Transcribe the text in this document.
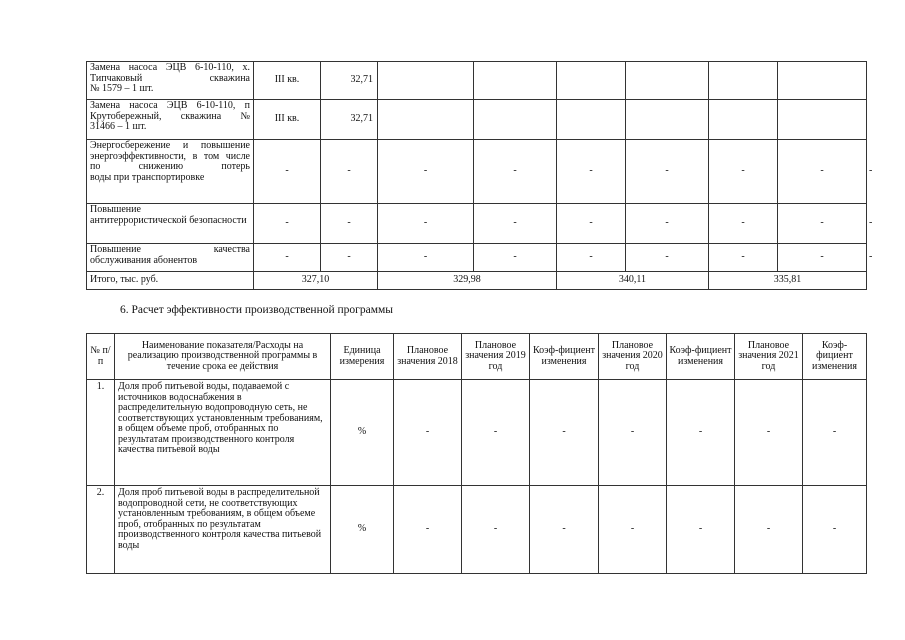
Замена насоса ЭЦВ 6-10-110, х. Типчаковый скважина
№ 1579 – 1 шт.	III кв.	32,71							
Замена насоса ЭЦВ 6-10-110, п Крутобережный, скважина №
31466 – 1 шт.	III кв.	32,71							
Энергосбережение и повышение энергоэффективности, в том числе по снижению потерь
воды при транспортировке	-	-	-	-	-	-	-	-	-
Повышение
антитеррористической безопасности	-	-	-	-	-	-	-	-	-
Повышение качества
обслуживания абонентов	-	-	-	-	-	-	-	-	-
Итого, тыс. руб.	327,10		329,98		340,11		335,81		
6. Расчет эффективности производственной программы
№ п/п	Наименование показателя/Расходы на реализацию производственной программы в течение срока ее действия	Единица измерения	Плановое значения 2018	Плановое значения 2019 год	Коэф-фициент изменения	Плановое значения 2020 год	Коэф-фициент изменения	Плановое значения 2021 год	Коэф-фициент изменения
1.	Доля проб питьевой воды, подаваемой с источников водоснабжения в распределительную водопроводную сеть, не соответствующих установленным требованиям, в общем объеме проб, отобранных по результатам производственного контроля качества питьевой воды	%	-	-	-	-	-	-	-
2.	Доля проб питьевой воды в распределительной водопроводной сети, не соответствующих установленным требованиям, в общем объеме проб, отобранных по результатам производственного контроля качества питьевой воды	%	-	-	-	-	-	-	-
